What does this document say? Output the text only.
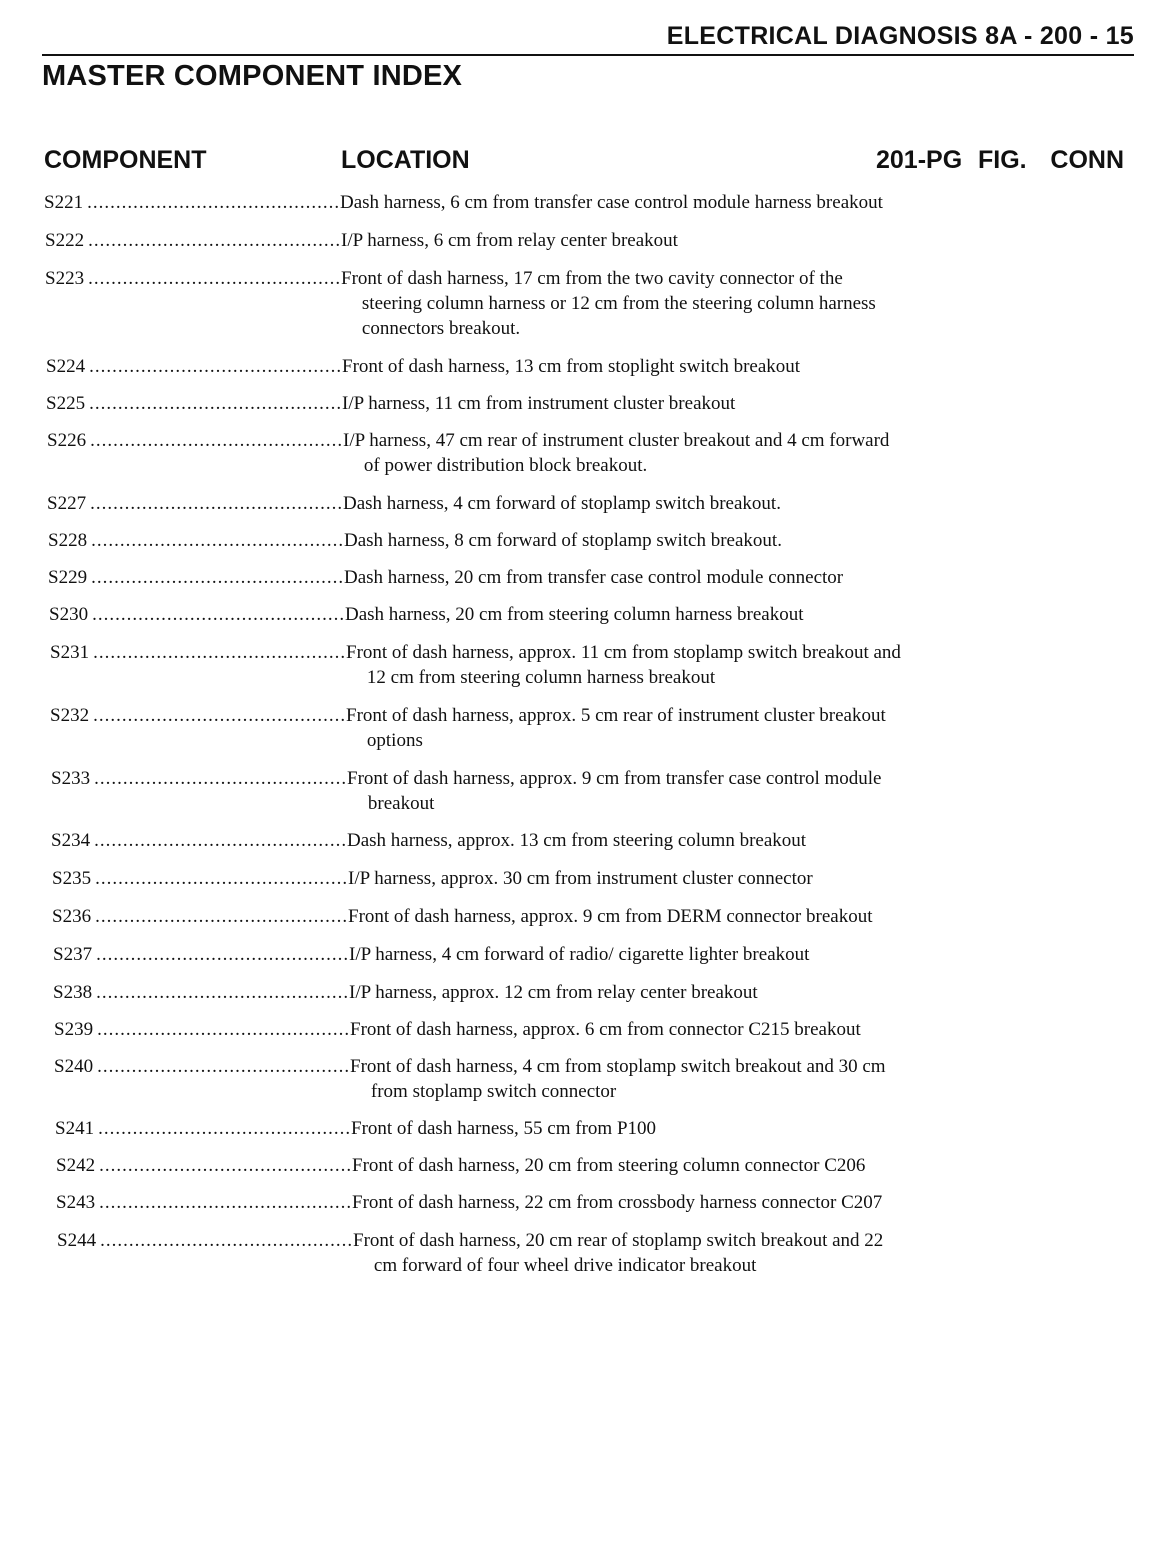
ELECTRICAL DIAGNOSIS 8A - 200 - 15
MASTER COMPONENT INDEX
COMPONENT	LOCATION	201-PG FIG. CONN
S221 .....	Dash harness, 6 cm from transfer case control module harness breakout
S222 .....	I/P harness, 6 cm from relay center breakout
S223 .....	Front of dash harness, 17 cm from the two cavity connector of the steering column harness or 12 cm from the steering column harness connectors breakout.
S224 .....	Front of dash harness, 13 cm from stoplight switch breakout
S225 .....	I/P harness, 11 cm from instrument cluster breakout
S226 .....	I/P harness, 47 cm rear of instrument cluster breakout and 4 cm forward of power distribution block breakout.
S227 .....	Dash harness, 4 cm forward of stoplamp switch breakout.
S228 .....	Dash harness, 8 cm forward of stoplamp switch breakout.
S229 .....	Dash harness, 20 cm from transfer case control module connector
S230 .....	Dash harness, 20 cm from steering column harness breakout
S231 .....	Front of dash harness, approx. 11 cm from stoplamp switch breakout and 12 cm from steering column harness breakout
S232 .....	Front of dash harness, approx. 5 cm rear of instrument cluster breakout options
S233 .....	Front of dash harness, approx. 9 cm from transfer case control module breakout
S234 .....	Dash harness, approx. 13 cm from steering column breakout
S235 .....	I/P harness, approx. 30 cm from instrument cluster connector
S236 .....	Front of dash harness, approx. 9 cm from DERM connector breakout
S237 .....	I/P harness, 4 cm forward of radio/ cigarette lighter breakout
S238 .....	I/P harness, approx. 12 cm from relay center breakout
S239 .....	Front of dash harness, approx. 6 cm from connector C215 breakout
S240 .....	Front of dash harness, 4 cm from stoplamp switch breakout and 30 cm from stoplamp switch connector
S241 .....	Front of dash harness, 55 cm from P100
S242 .....	Front of dash harness, 20 cm from steering column connector C206
S243 .....	Front of dash harness, 22 cm from crossbody harness connector C207
S244 .....	Front of dash harness, 20 cm rear of stoplamp switch breakout and 22 cm forward of four wheel drive indicator breakout
